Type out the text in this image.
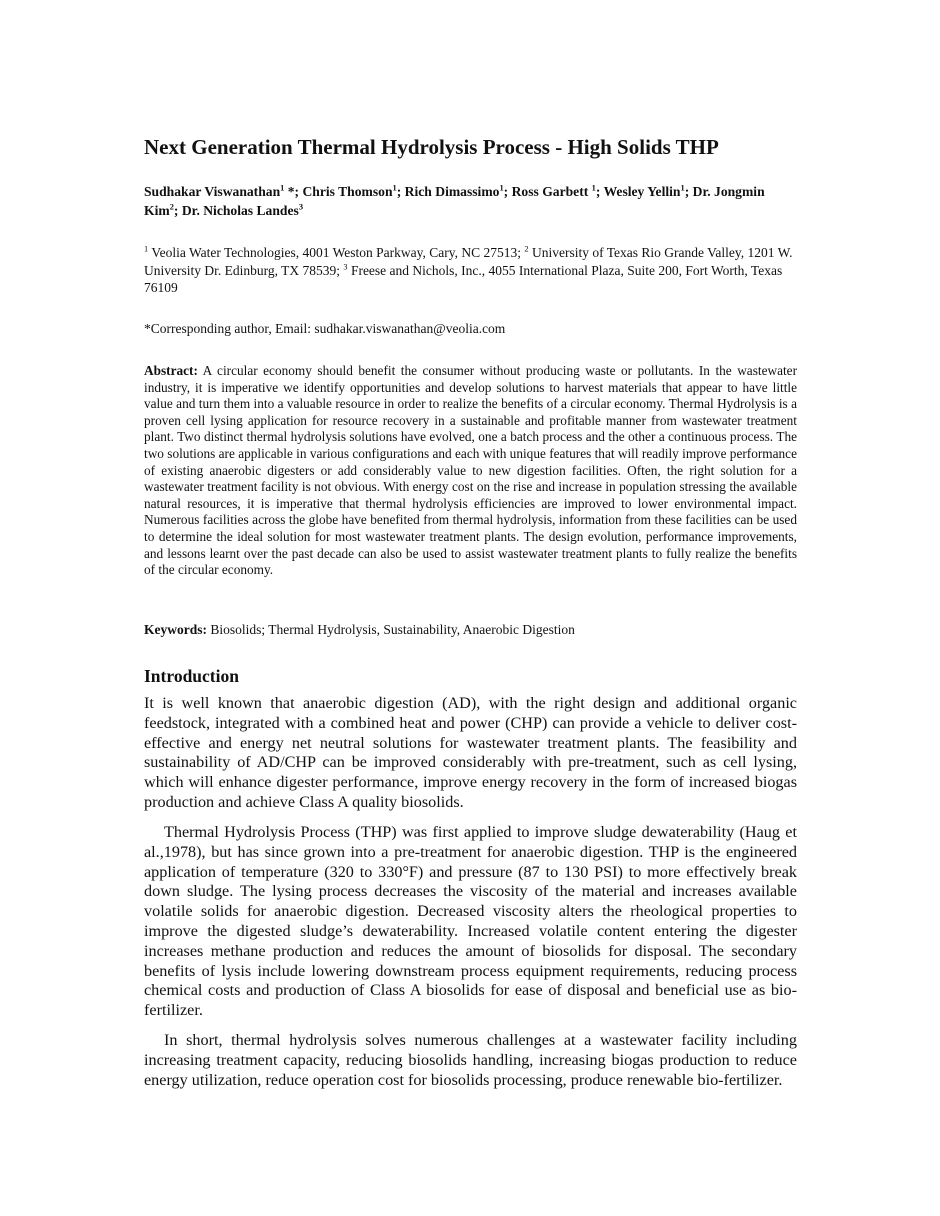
Next Generation Thermal Hydrolysis Process - High Solids THP

Sudhakar Viswanathan$^1$ *; Chris Thomson$^1$; Rich Dimassimo$^1$; Ross Garbett $^1$; Wesley Yellin$^1$; Dr. Jongmin Kim$^2$; Dr. Nicholas Landes$^3$

$^1$ Veolia Water Technologies, 4001 Weston Parkway, Cary, NC 27513; $^2$ University of Texas Rio Grande Valley, 1201 W. University Dr. Edinburg, TX 78539; $^3$ Freese and Nichols, Inc., 4055 International Plaza, Suite 200, Fort Worth, Texas 76109

*Corresponding author, Email: sudhakar.viswanathan@veolia.com

Abstract: A circular economy should benefit the consumer without producing waste or pollutants. In the wastewater industry, it is imperative we identify opportunities and develop solutions to harvest materials that appear to have little value and turn them into a valuable resource in order to realize the benefits of a circular economy. Thermal Hydrolysis is a proven cell lysing application for resource recovery in a sustainable and profitable manner from wastewater treatment plant. Two distinct thermal hydrolysis solutions have evolved, one a batch process and the other a continuous process. The two solutions are applicable in various configurations and each with unique features that will readily improve performance of existing anaerobic digesters or add considerably value to new digestion facilities. Often, the right solution for a wastewater treatment facility is not obvious. With energy cost on the rise and increase in population stressing the available natural resources, it is imperative that thermal hydrolysis efficiencies are improved to lower environmental impact. Numerous facilities across the globe have benefited from thermal hydrolysis, information from these facilities can be used to determine the ideal solution for most wastewater treatment plants. The design evolution, performance improvements, and lessons learnt over the past decade can also be used to assist wastewater treatment plants to fully realize the benefits of the circular economy.

Keywords: Biosolids; Thermal Hydrolysis, Sustainability, Anaerobic Digestion

Introduction

It is well known that anaerobic digestion (AD), with the right design and additional organic feedstock, integrated with a combined heat and power (CHP) can provide a vehicle to deliver cost-effective and energy net neutral solutions for wastewater treatment plants. The feasibility and sustainability of AD/CHP can be improved considerably with pre-treatment, such as cell lysing, which will enhance digester performance, improve energy recovery in the form of increased biogas production and achieve Class A quality biosolids.

Thermal Hydrolysis Process (THP) was first applied to improve sludge dewaterability (Haug et al.,1978), but has since grown into a pre-treatment for anaerobic digestion. THP is the engineered application of temperature (320 to 330°F) and pressure (87 to 130 PSI) to more effectively break down sludge. The lysing process decreases the viscosity of the material and increases available volatile solids for anaerobic digestion. Decreased viscosity alters the rheological properties to improve the digested sludge’s dewaterability. Increased volatile content entering the digester increases methane production and reduces the amount of biosolids for disposal. The secondary benefits of lysis include lowering downstream process equipment requirements, reducing process chemical costs and production of Class A biosolids for ease of disposal and beneficial use as bio-fertilizer.

In short, thermal hydrolysis solves numerous challenges at a wastewater facility including increasing treatment capacity, reducing biosolids handling, increasing biogas production to reduce energy utilization, reduce operation cost for biosolids processing, produce renewable bio-fertilizer.
